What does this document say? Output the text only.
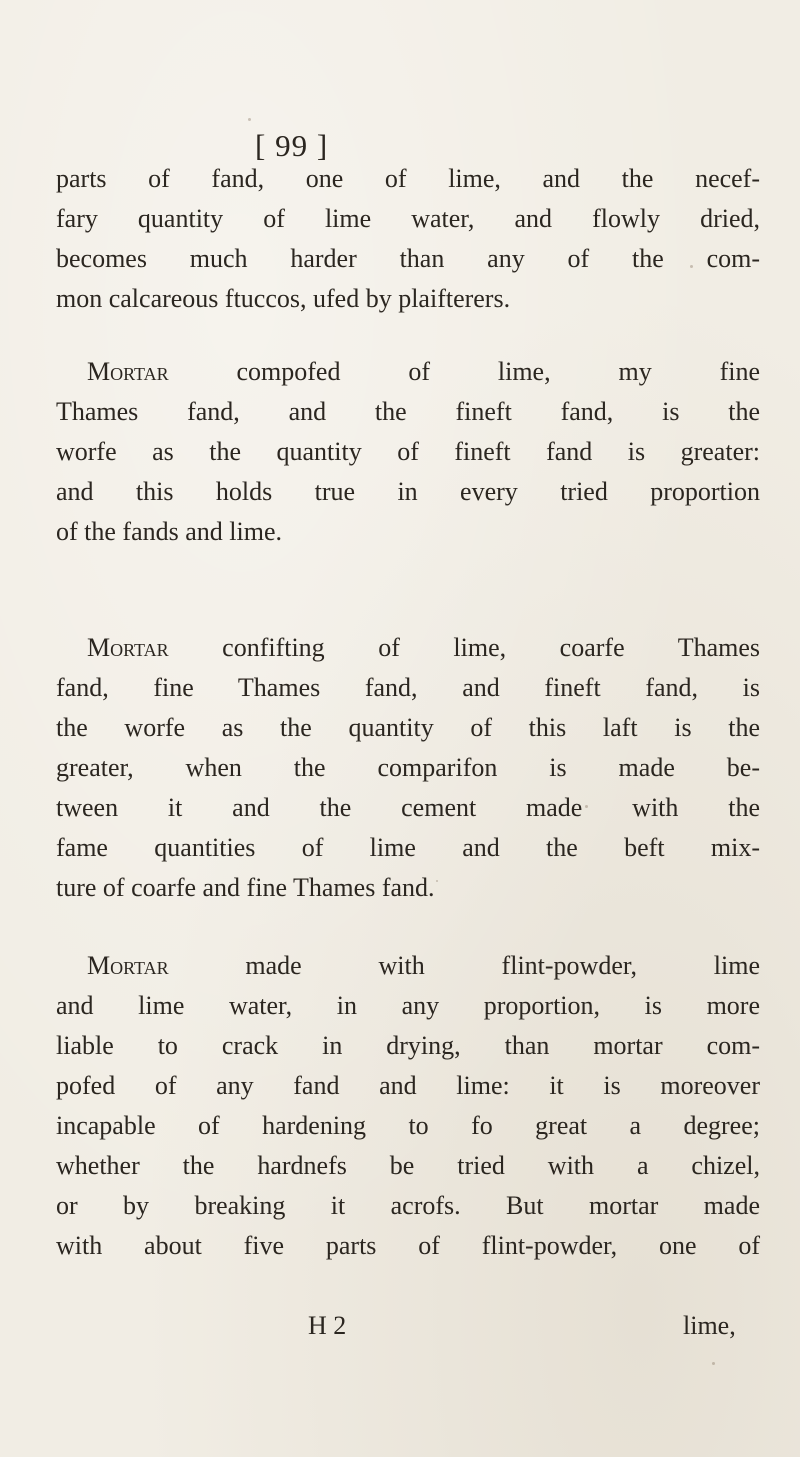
[ 99 ]
parts of fand, one of lime, and the necef-
fary quantity of lime water, and flowly dried,
becomes much harder than any of the com-
mon calcareous ftuccos, ufed by plaifterers.
Mortar	compofed of lime, my fine
Thames fand, and the fineft fand, is the
worfe as the quantity of fineft fand is greater:
and this holds true in every tried proportion
of the fands and lime.
Mortar confifting of lime, coarfe Thames
fand, fine Thames fand, and fineft fand, is
the worfe as the quantity of this laft is the
greater, when the comparifon is made be-
tween it and the cement made with the
fame quantities of lime and the beft mix-
ture of coarfe and fine Thames fand.
Mortar	made with flint-powder, lime
and lime water, in any proportion, is more
liable to crack in drying, than mortar com-
pofed of any fand and lime: it is moreover
incapable of hardening to fo great a degree;
whether the hardnefs be tried with a chizel,
or by breaking it acrofs. But mortar made
with about five parts of flint-powder, one of
H 2	lime,
